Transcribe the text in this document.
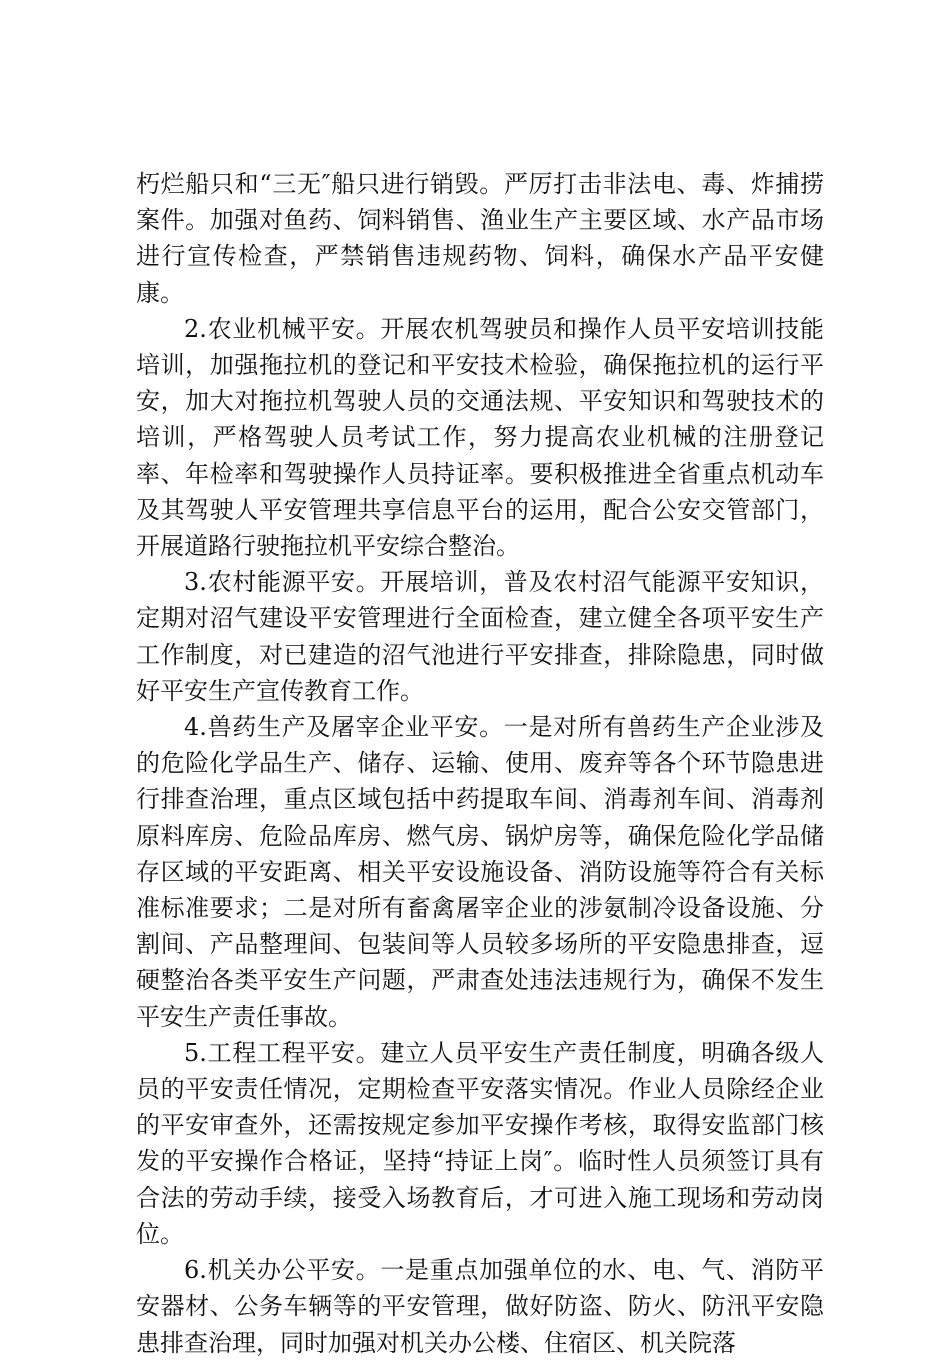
朽烂船只和“三无″船只进行销毁。严厉打击非法电、毒、炸捕捞案件。加强对鱼药、饲料销售、渔业生产主要区域、水产品市场进行宣传检查，严禁销售违规药物、饲料，确保水产品平安健康。

2.农业机械平安。开展农机驾驶员和操作人员平安培训技能培训，加强拖拉机的登记和平安技术检验，确保拖拉机的运行平安，加大对拖拉机驾驶人员的交通法规、平安知识和驾驶技术的培训，严格驾驶人员考试工作，努力提高农业机械的注册登记率、年检率和驾驶操作人员持证率。要积极推进全省重点机动车及其驾驶人平安管理共享信息平台的运用，配合公安交管部门，开展道路行驶拖拉机平安综合整治。

3.农村能源平安。开展培训，普及农村沼气能源平安知识，定期对沼气建设平安管理进行全面检查，建立健全各项平安生产工作制度，对已建造的沼气池进行平安排查，排除隐患，同时做好平安生产宣传教育工作。

4.兽药生产及屠宰企业平安。一是对所有兽药生产企业涉及的危险化学品生产、储存、运输、使用、废弃等各个环节隐患进行排查治理，重点区域包括中药提取车间、消毒剂车间、消毒剂原料库房、危险品库房、燃气房、锅炉房等，确保危险化学品储存区域的平安距离、相关平安设施设备、消防设施等符合有关标准标准要求；二是对所有畜禽屠宰企业的涉氨制冷设备设施、分割间、产品整理间、包装间等人员较多场所的平安隐患排查，逗硬整治各类平安生产问题，严肃查处违法违规行为，确保不发生平安生产责任事故。

5.工程工程平安。建立人员平安生产责任制度，明确各级人员的平安责任情况，定期检查平安落实情况。作业人员除经企业的平安审查外，还需按规定参加平安操作考核，取得安监部门核发的平安操作合格证，坚持“持证上岗″。临时性人员须签订具有合法的劳动手续，接受入场教育后，才可进入施工现场和劳动岗位。

6.机关办公平安。一是重点加强单位的水、电、气、消防平安器材、公务车辆等的平安管理，做好防盗、防火、防汛平安隐患排查治理，同时加强对机关办公楼、住宿区、机关院落
